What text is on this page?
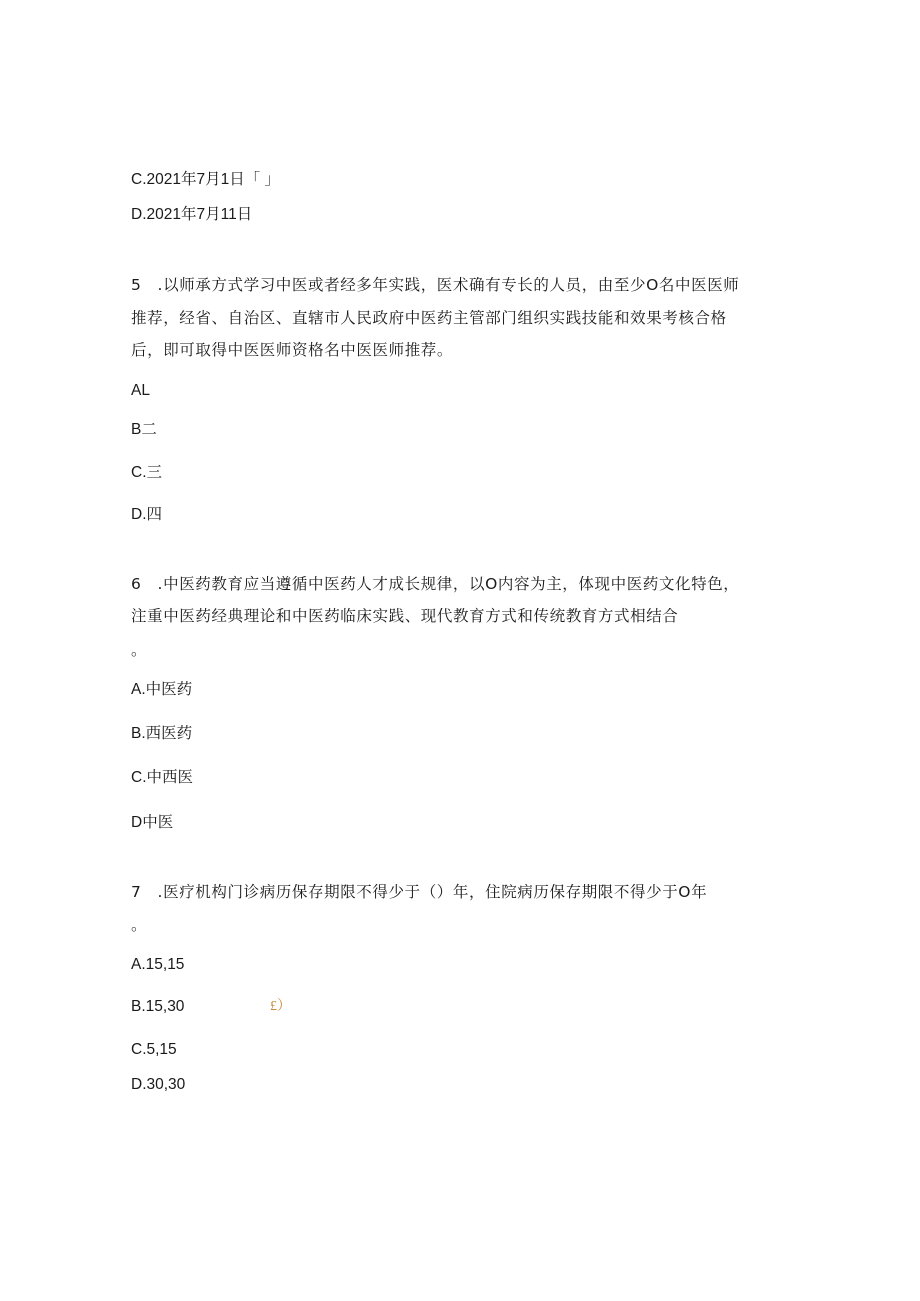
C.2021年7月1日「 」
D.2021年7月11日
5　.以师承方式学习中医或者经多年实践，医术确有专长的人员，由至少O名中医医师
推荐，经省、自治区、直辖市人民政府中医药主管部门组织实践技能和效果考核合格
后，即可取得中医医师资格名中医医师推荐。
AL
B二
C.三
D.四
6　.中医药教育应当遵循中医药人才成长规律，以O内容为主，体现中医药文化特色，
注重中医药经典理论和中医药临床实践、现代教育方式和传统教育方式相结合
。
A.中医药
B.西医药
C.中西医
D中医
7　.医疗机构门诊病历保存期限不得少于（）年，住院病历保存期限不得少于O年
。
A.15,15
B.15,30	£）
C.5,15
D.30,30
